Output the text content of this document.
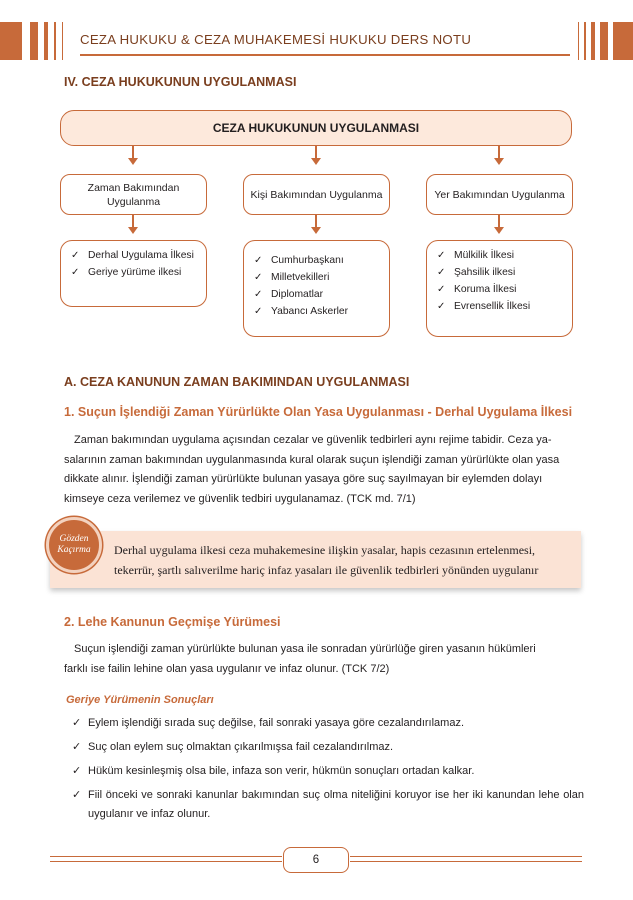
CEZA HUKUKU & CEZA MUHAKEMESİ HUKUKU DERS NOTU
IV. CEZA HUKUKUNUN UYGULANMASI
CEZA HUKUKUNUN UYGULANMASI
Zaman Bakımından Uygulanma
Kişi Bakımından Uygulanma	Yer Bakımından Uygulanma
✓ Derhal Uygulama İlkesi
✓ Geriye yürüme ilkesi
✓ Cumhurbaşkanı
✓ Milletvekilleri
✓ Diplomatlar
✓ Yabancı Askerler
✓ Mülkilik İlkesi
✓ Şahsilik ilkesi
✓ Koruma İlkesi
✓ Evrensellik İlkesi
A. CEZA KANUNUN ZAMAN BAKIMINDAN UYGULANMASI
1. Suçun İşlendiği Zaman Yürürlükte Olan Yasa Uygulanması - Derhal Uygulama İlkesi
Zaman bakımından uygulama açısından cezalar ve güvenlik tedbirleri aynı rejime tabidir. Ceza ya-
salarının zaman bakımından uygulanmasında kural olarak suçun işlendiği zaman yürürlükte olan yasa
dikkate alınır. İşlendiği zaman yürürlükte bulunan yasaya göre suç sayılmayan bir eylemden dolayı
kimseye ceza verilemez ve güvenlik tedbiri uygulanamaz. (TCK md. 7/1)
Derhal uygulama ilkesi ceza muhakemesine ilişkin yasalar, hapis cezasının ertelenmesi,
tekerrür, şartlı salıverilme hariç infaz yasaları ile güvenlik tedbirleri yönünden uygulanır
Gözden
Kaçırma
2. Lehe Kanunun Geçmişe Yürümesi
Suçun işlendiği zaman yürürlükte bulunan yasa ile sonradan yürürlüğe giren yasanın hükümleri
farklı ise failin lehine olan yasa uygulanır ve infaz olunur. (TCK 7/2)
Geriye Yürümenin Sonuçları
✓ Eylem işlendiği sırada suç değilse, fail sonraki yasaya göre cezalandırılamaz.
✓ Suç olan eylem suç olmaktan çıkarılmışsa fail cezalandırılmaz.
✓ Hüküm kesinleşmiş olsa bile, infaza son verir, hükmün sonuçları ortadan kalkar.
✓ Fiil önceki ve sonraki kanunlar bakımından suç olma niteliğini koruyor ise her iki kanundan lehe olan uygulanır ve infaz olunur.
6
